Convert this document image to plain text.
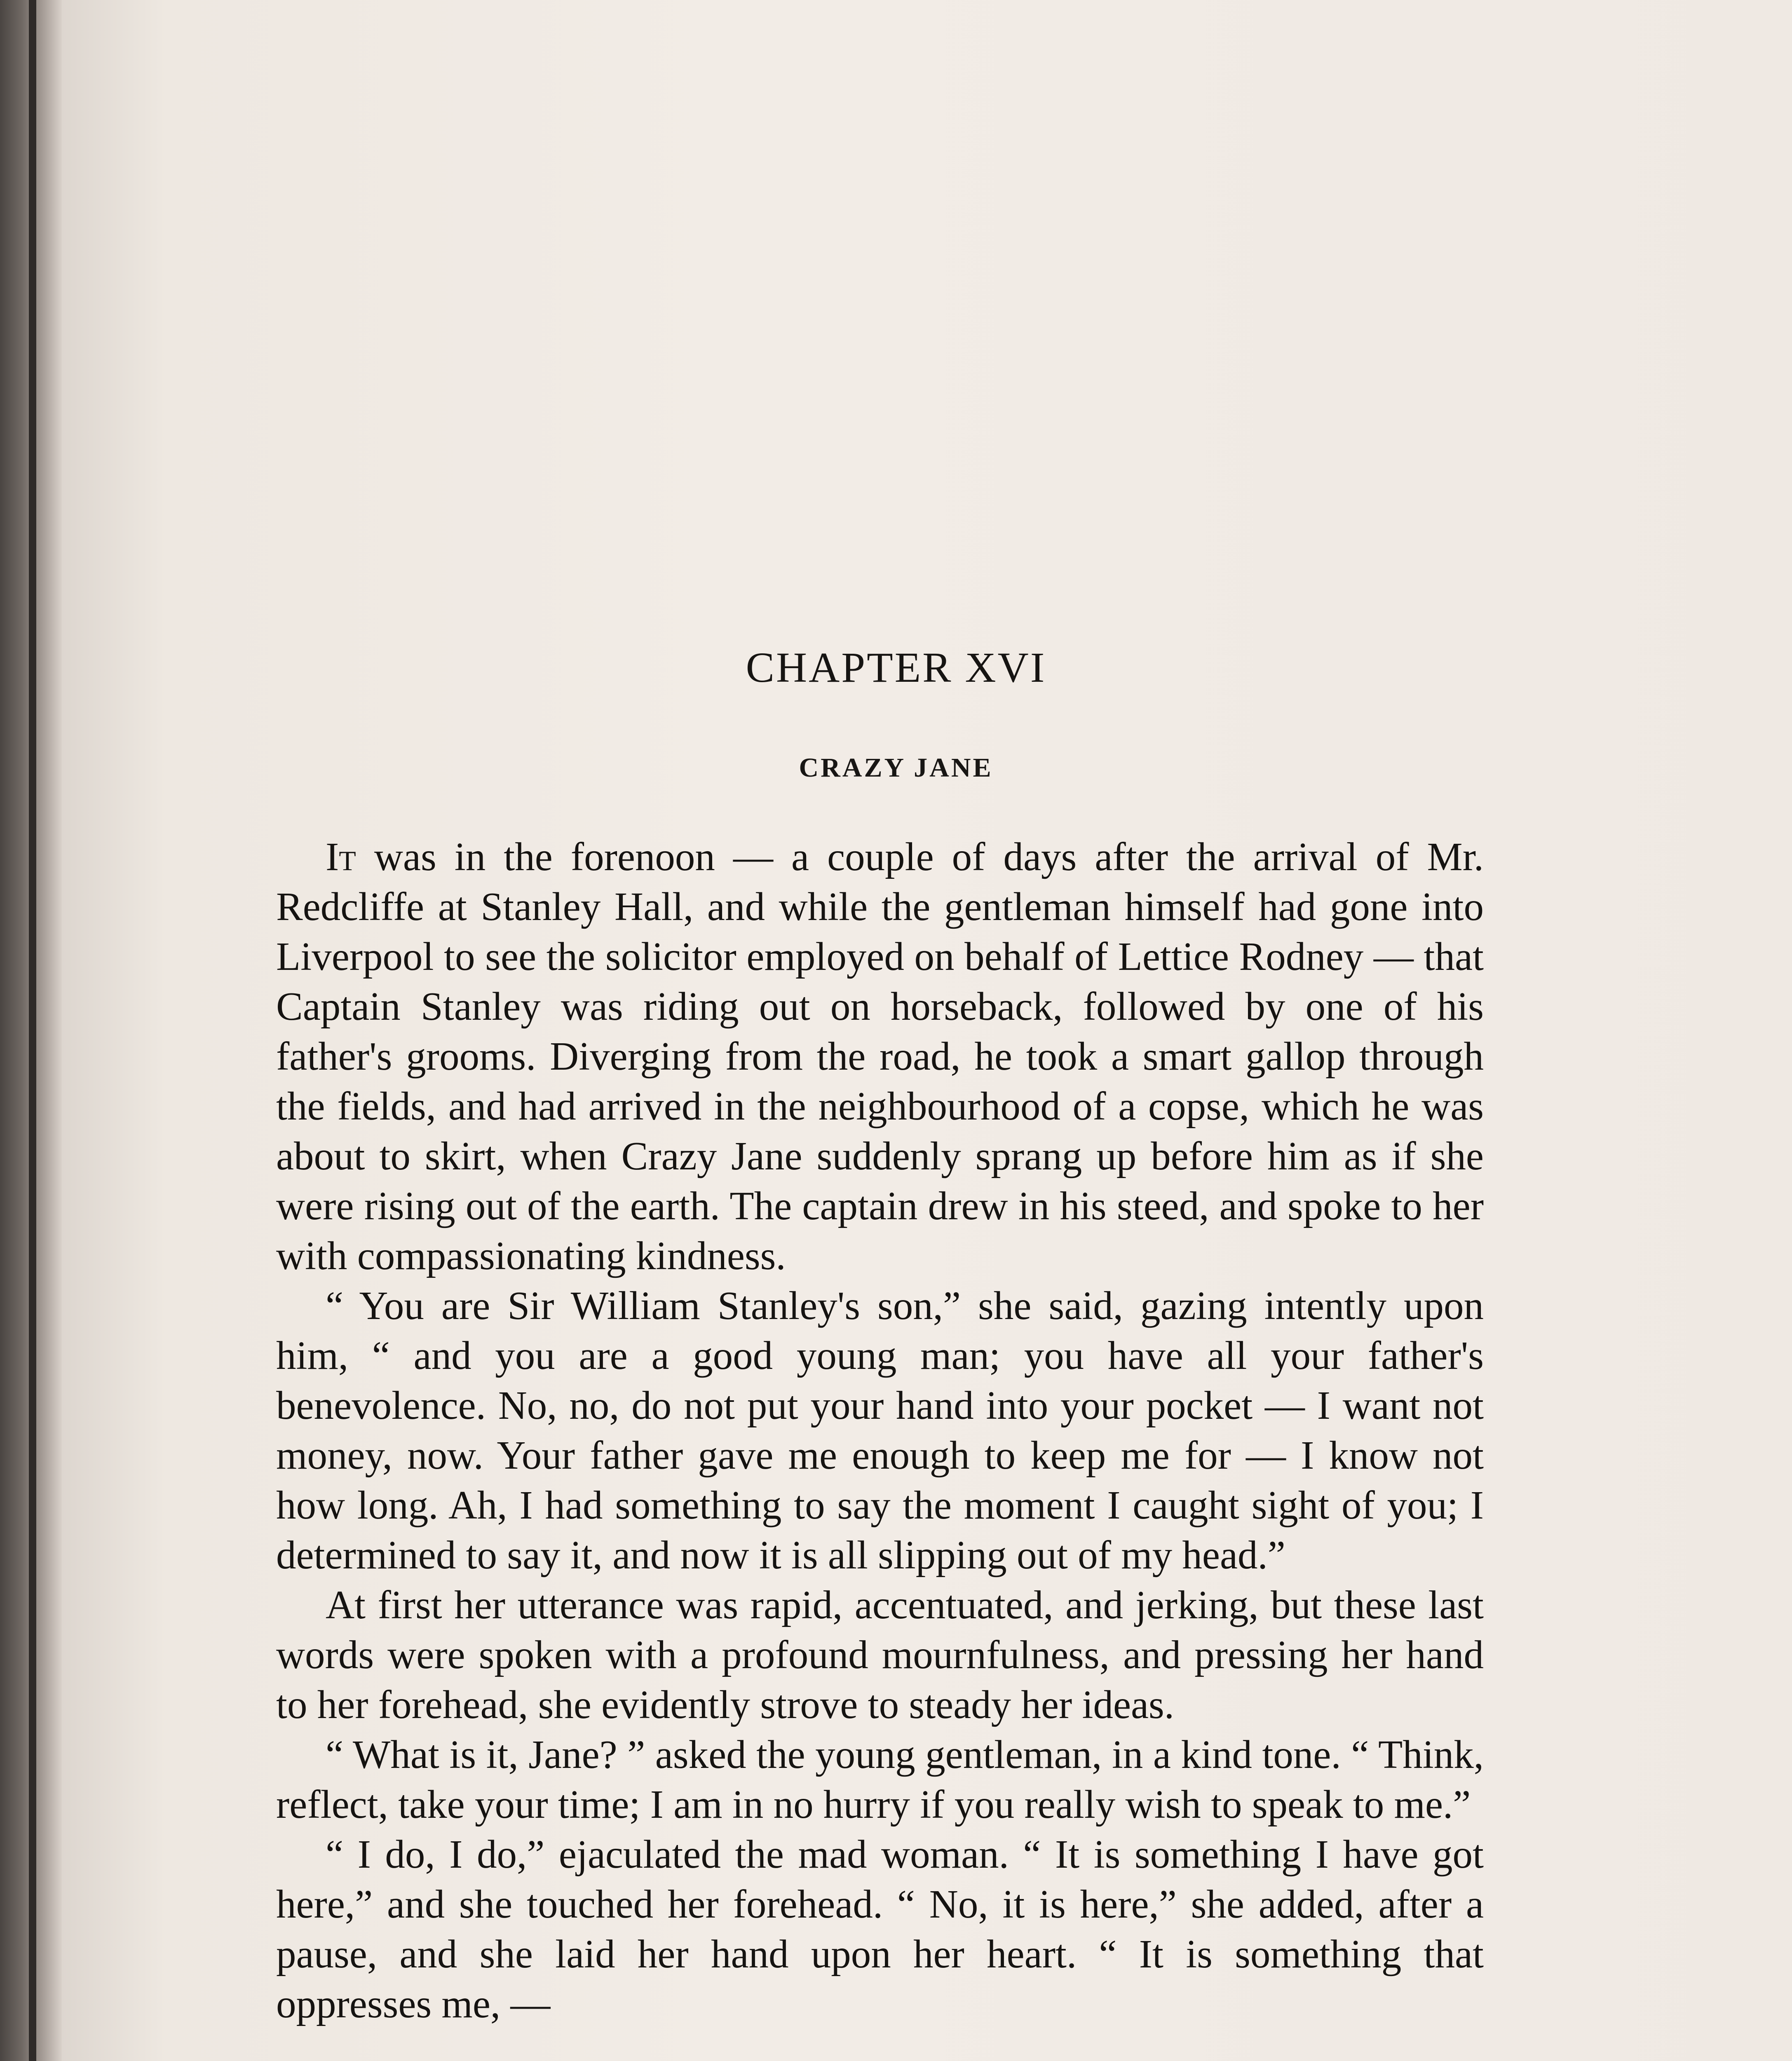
CHAPTER XVI
CRAZY JANE

It was in the forenoon — a couple of days after the arrival of Mr. Redcliffe at Stanley Hall, and while the gentleman himself had gone into Liverpool to see the solicitor employed on behalf of Lettice Rodney — that Captain Stanley was riding out on horseback, followed by one of his father's grooms. Diverging from the road, he took a smart gallop through the fields, and had arrived in the neighbourhood of a copse, which he was about to skirt, when Crazy Jane suddenly sprang up before him as if she were rising out of the earth. The captain drew in his steed, and spoke to her with compassionating kindness.

“ You are Sir William Stanley's son,” she said, gazing intently upon him, “ and you are a good young man; you have all your father's benevolence. No, no, do not put your hand into your pocket — I want not money, now. Your father gave me enough to keep me for — I know not how long. Ah, I had something to say the moment I caught sight of you; I determined to say it, and now it is all slipping out of my head.”

At first her utterance was rapid, accentuated, and jerking, but these last words were spoken with a profound mournfulness, and pressing her hand to her forehead, she evidently strove to steady her ideas.

“ What is it, Jane? ” asked the young gentleman, in a kind tone. “ Think, reflect, take your time; I am in no hurry if you really wish to speak to me.”

“ I do, I do,” ejaculated the mad woman. “ It is something I have got here,” and she touched her forehead. “ No, it is here,” she added, after a pause, and she laid her hand upon her heart. “ It is something that oppresses me, —
